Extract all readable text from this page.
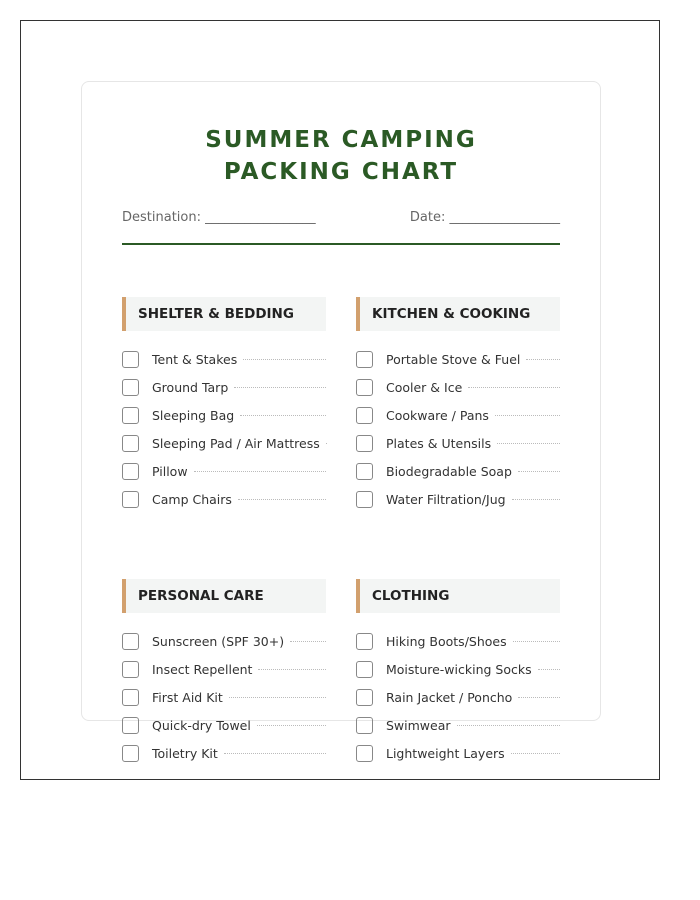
SUMMER CAMPING PACKING CHART
Destination: _________________	Date: _________________
SHELTER & BEDDING
Tent & Stakes
Ground Tarp
Sleeping Bag
Sleeping Pad / Air Mattress
Pillow
Camp Chairs
KITCHEN & COOKING
Portable Stove & Fuel
Cooler & Ice
Cookware / Pans
Plates & Utensils
Biodegradable Soap
Water Filtration/Jug
PERSONAL CARE
Sunscreen (SPF 30+)
Insect Repellent
First Aid Kit
Quick-dry Towel
Toiletry Kit
CLOTHING
Hiking Boots/Shoes
Moisture-wicking Socks
Rain Jacket / Poncho
Swimwear
Lightweight Layers
